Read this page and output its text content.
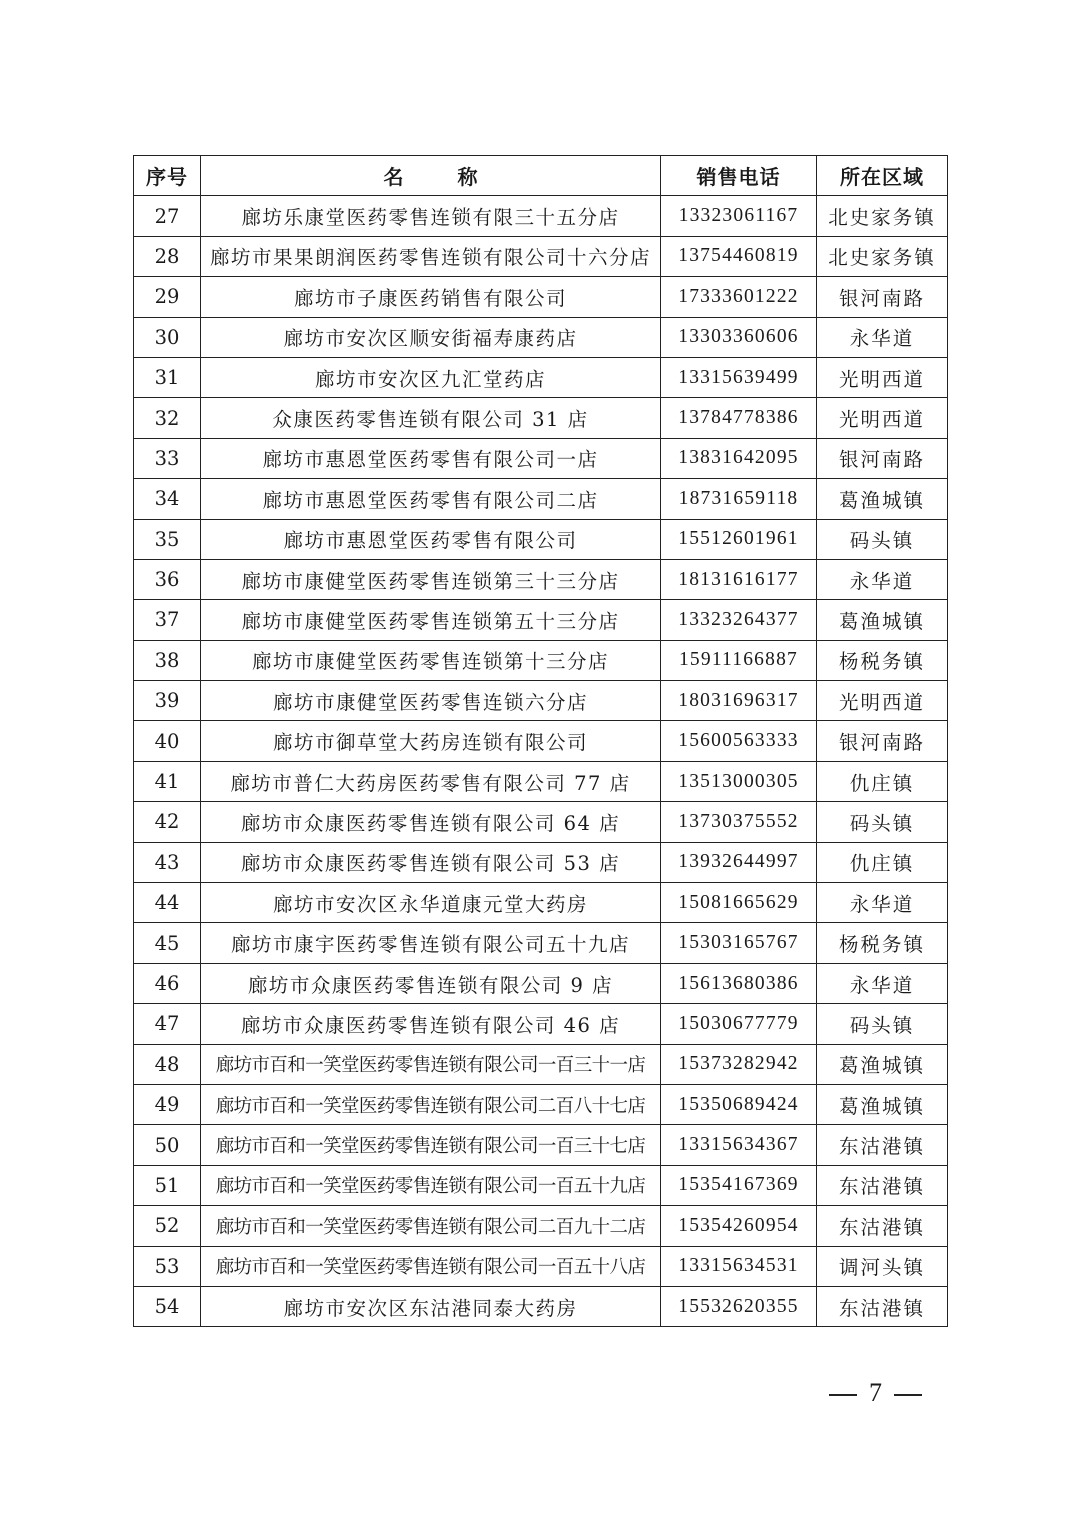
序号	名 称	销售电话	所在区域
27	廊坊乐康堂医药零售连锁有限三十五分店	13323061167	北史家务镇
28	廊坊市果果朗润医药零售连锁有限公司十六分店	13754460819	北史家务镇
29	廊坊市子康医药销售有限公司	17333601222	银河南路
30	廊坊市安次区顺安街福寿康药店	13303360606	永华道
31	廊坊市安次区九汇堂药店	13315639499	光明西道
32	众康医药零售连锁有限公司 31 店	13784778386	光明西道
33	廊坊市惠恩堂医药零售有限公司一店	13831642095	银河南路
34	廊坊市惠恩堂医药零售有限公司二店	18731659118	葛渔城镇
35	廊坊市惠恩堂医药零售有限公司	15512601961	码头镇
36	廊坊市康健堂医药零售连锁第三十三分店	18131616177	永华道
37	廊坊市康健堂医药零售连锁第五十三分店	13323264377	葛渔城镇
38	廊坊市康健堂医药零售连锁第十三分店	15911166887	杨税务镇
39	廊坊市康健堂医药零售连锁六分店	18031696317	光明西道
40	廊坊市御草堂大药房连锁有限公司	15600563333	银河南路
41	廊坊市普仁大药房医药零售有限公司 77 店	13513000305	仇庄镇
42	廊坊市众康医药零售连锁有限公司 64 店	13730375552	码头镇
43	廊坊市众康医药零售连锁有限公司 53 店	13932644997	仇庄镇
44	廊坊市安次区永华道康元堂大药房	15081665629	永华道
45	廊坊市康宇医药零售连锁有限公司五十九店	15303165767	杨税务镇
46	廊坊市众康医药零售连锁有限公司 9 店	15613680386	永华道
47	廊坊市众康医药零售连锁有限公司 46 店	15030677779	码头镇
48	廊坊市百和一笑堂医药零售连锁有限公司一百三十一店	15373282942	葛渔城镇
49	廊坊市百和一笑堂医药零售连锁有限公司二百八十七店	15350689424	葛渔城镇
50	廊坊市百和一笑堂医药零售连锁有限公司一百三十七店	13315634367	东沽港镇
51	廊坊市百和一笑堂医药零售连锁有限公司一百五十九店	15354167369	东沽港镇
52	廊坊市百和一笑堂医药零售连锁有限公司二百九十二店	15354260954	东沽港镇
53	廊坊市百和一笑堂医药零售连锁有限公司一百五十八店	13315634531	调河头镇
54	廊坊市安次区东沽港同泰大药房	15532620355	东沽港镇
7
